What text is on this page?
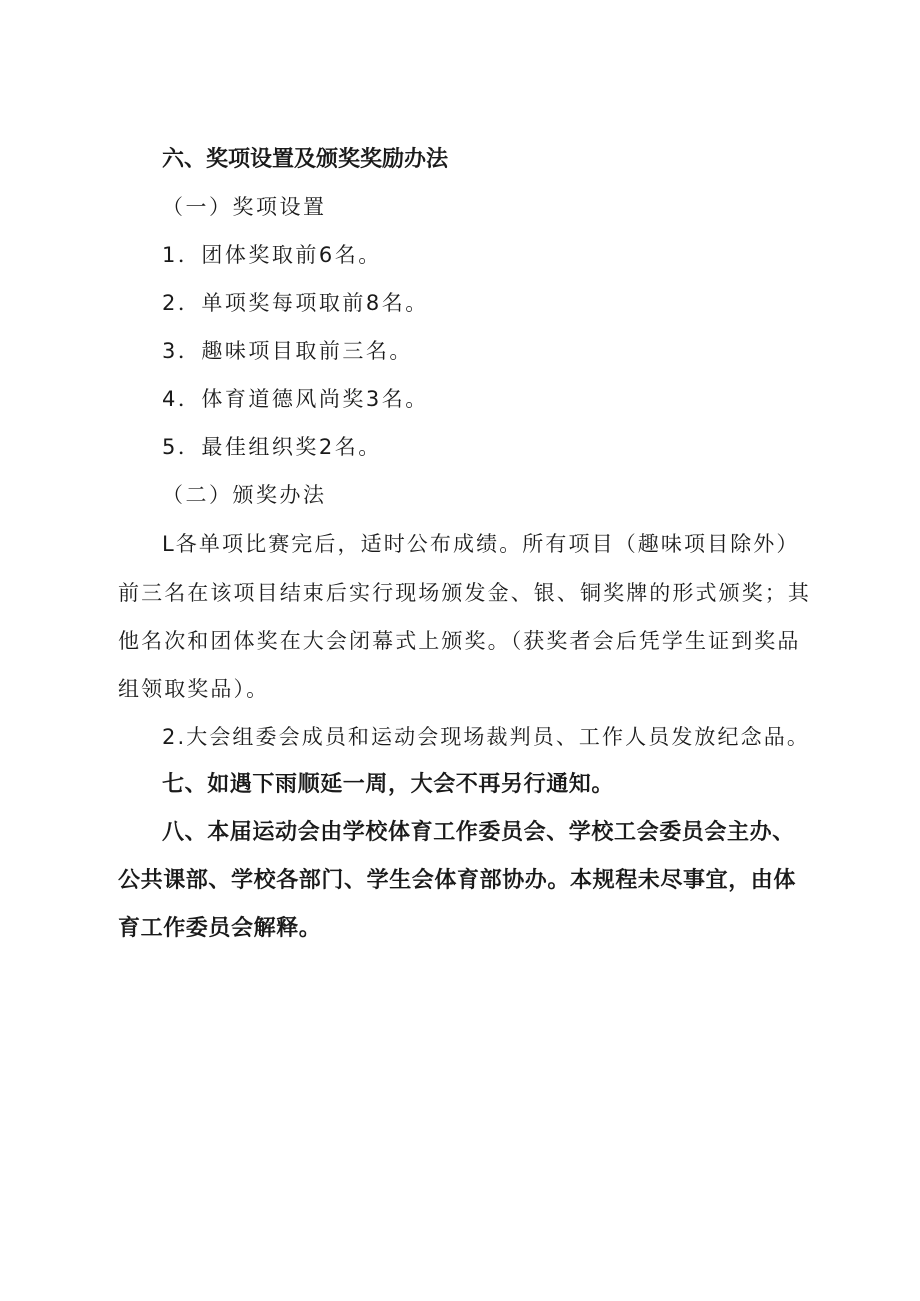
六、奖项设置及颁奖奖励办法
（一）奖项设置
1．团体奖取前6名。
2．单项奖每项取前8名。
3．趣味项目取前三名。
4．体育道德风尚奖3名。
5．最佳组织奖2名。
（二）颁奖办法
L各单项比赛完后，适时公布成绩。所有项目（趣味项目除外）
前三名在该项目结束后实行现场颁发金、银、铜奖牌的形式颁奖；其
他名次和团体奖在大会闭幕式上颁奖。（获奖者会后凭学生证到奖品
组领取奖品）。
2.大会组委会成员和运动会现场裁判员、工作人员发放纪念品。
七、如遇下雨顺延一周，大会不再另行通知。
八、本届运动会由学校体育工作委员会、学校工会委员会主办、
公共课部、学校各部门、学生会体育部协办。本规程未尽事宜，由体
育工作委员会解释。
